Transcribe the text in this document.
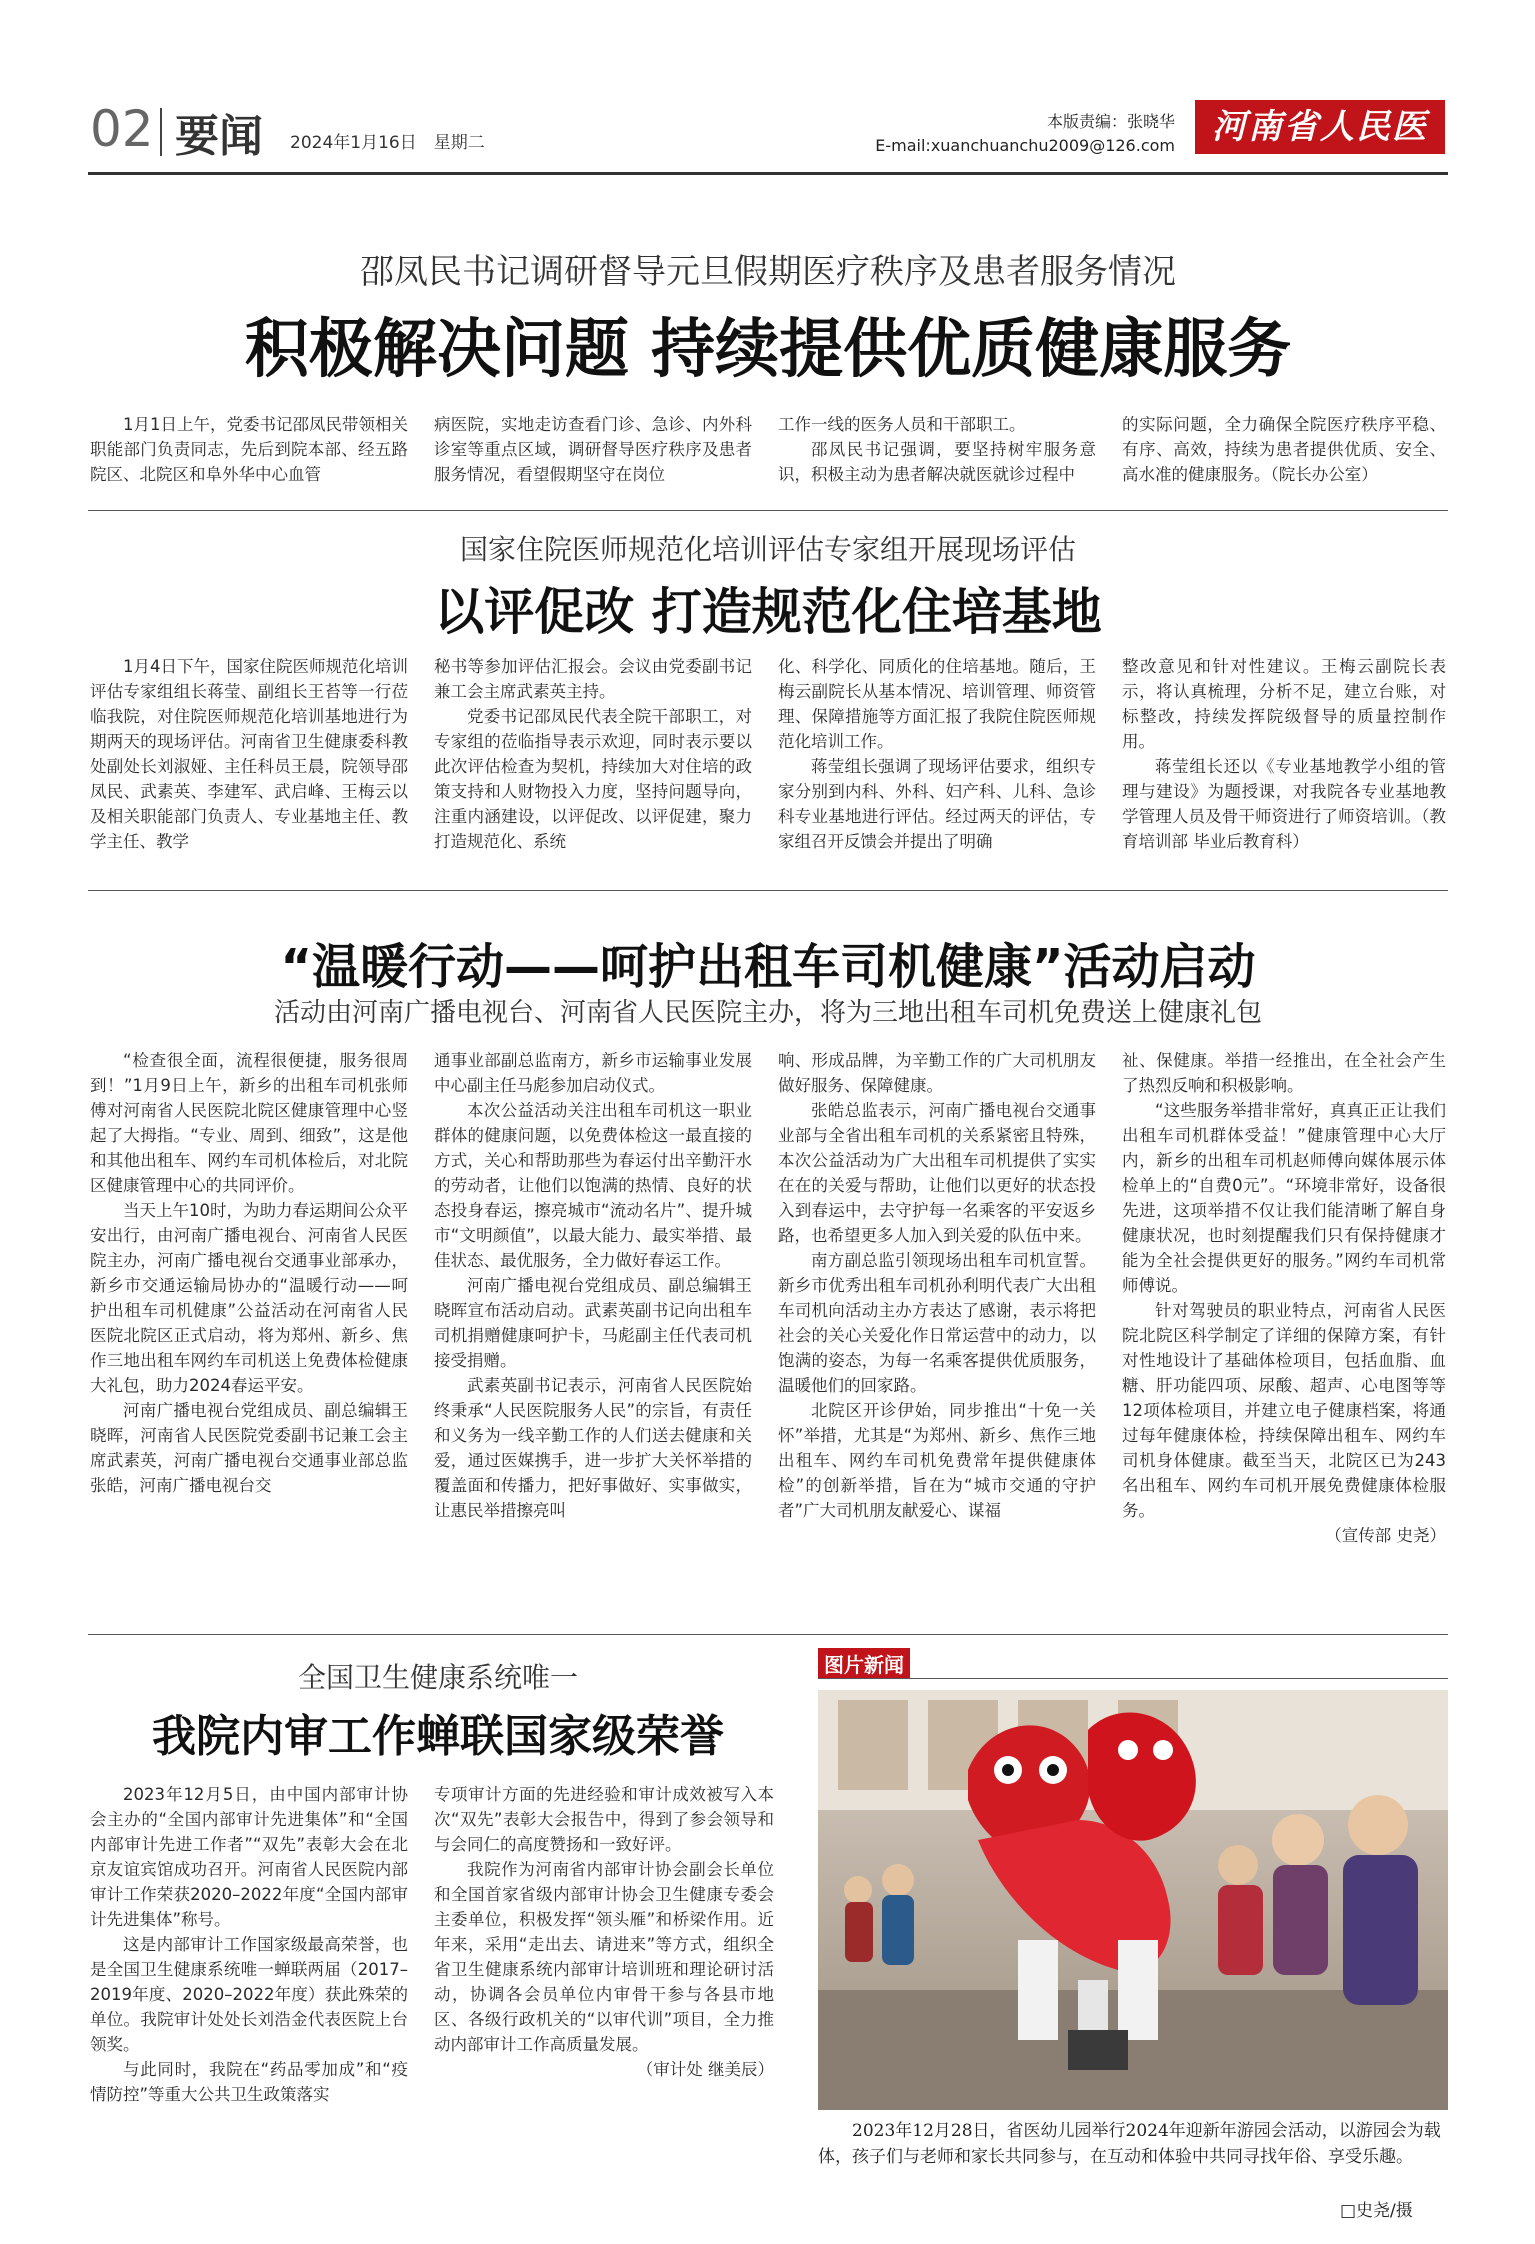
02 要闻 2024年1月16日　星期二
本版责编：张晓华
E-mail:xuanchuanchu2009@126.com	河南省人民医院
邵凤民书记调研督导元旦假期医疗秩序及患者服务情况
积极解决问题 持续提供优质健康服务

1月1日上午，党委书记邵凤民带领相关职能部门负责同志，先后到院本部、经五路院区、北院区和阜外华中心血管

病医院，实地走访查看门诊、急诊、内外科诊室等重点区域，调研督导医疗秩序及患者服务情况，看望假期坚守在岗位

工作一线的医务人员和干部职工。

邵凤民书记强调，要坚持树牢服务意识，积极主动为患者解决就医就诊过程中

的实际问题，全力确保全院医疗秩序平稳、有序、高效，持续为患者提供优质、安全、高水准的健康服务。（院长办公室）

国家住院医师规范化培训评估专家组开展现场评估
以评促改 打造规范化住培基地

1月4日下午，国家住院医师规范化培训评估专家组组长蒋莹、副组长王苔等一行莅临我院，对住院医师规范化培训基地进行为期两天的现场评估。河南省卫生健康委科教处副处长刘淑娅、主任科员王晨，院领导邵凤民、武素英、李建军、武启峰、王梅云以及相关职能部门负责人、专业基地主任、教学主任、教学

秘书等参加评估汇报会。会议由党委副书记兼工会主席武素英主持。

党委书记邵凤民代表全院干部职工，对专家组的莅临指导表示欢迎，同时表示要以此次评估检查为契机，持续加大对住培的政策支持和人财物投入力度，坚持问题导向，注重内涵建设，以评促改、以评促建，聚力打造规范化、系统

化、科学化、同质化的住培基地。随后，王梅云副院长从基本情况、培训管理、师资管理、保障措施等方面汇报了我院住院医师规范化培训工作。

蒋莹组长强调了现场评估要求，组织专家分别到内科、外科、妇产科、儿科、急诊科专业基地进行评估。经过两天的评估，专家组召开反馈会并提出了明确

整改意见和针对性建议。王梅云副院长表示，将认真梳理，分析不足，建立台账，对标整改，持续发挥院级督导的质量控制作用。

蒋莹组长还以《专业基地教学小组的管理与建设》为题授课，对我院各专业基地教学管理人员及骨干师资进行了师资培训。（教育培训部 毕业后教育科）

“温暖行动——呵护出租车司机健康”活动启动
活动由河南广播电视台、河南省人民医院主办，将为三地出租车司机免费送上健康礼包

“检查很全面，流程很便捷，服务很周到！”1月9日上午，新乡的出租车司机张师傅对河南省人民医院北院区健康管理中心竖起了大拇指。“专业、周到、细致”，这是他和其他出租车、网约车司机体检后，对北院区健康管理中心的共同评价。

当天上午10时，为助力春运期间公众平安出行，由河南广播电视台、河南省人民医院主办，河南广播电视台交通事业部承办，新乡市交通运输局协办的“温暖行动——呵护出租车司机健康”公益活动在河南省人民医院北院区正式启动，将为郑州、新乡、焦作三地出租车网约车司机送上免费体检健康大礼包，助力2024春运平安。

河南广播电视台党组成员、副总编辑王晓晖，河南省人民医院党委副书记兼工会主席武素英，河南广播电视台交通事业部总监张皓，河南广播电视台交

通事业部副总监南方，新乡市运输事业发展中心副主任马彪参加启动仪式。

本次公益活动关注出租车司机这一职业群体的健康问题，以免费体检这一最直接的方式，关心和帮助那些为春运付出辛勤汗水的劳动者，让他们以饱满的热情、良好的状态投身春运，擦亮城市“流动名片”、提升城市“文明颜值”，以最大能力、最实举措、最佳状态、最优服务，全力做好春运工作。

河南广播电视台党组成员、副总编辑王晓晖宣布活动启动。武素英副书记向出租车司机捐赠健康呵护卡，马彪副主任代表司机接受捐赠。

武素英副书记表示，河南省人民医院始终秉承“人民医院服务人民”的宗旨，有责任和义务为一线辛勤工作的人们送去健康和关爱，通过医媒携手，进一步扩大关怀举措的覆盖面和传播力，把好事做好、实事做实，让惠民举措擦亮叫

响、形成品牌，为辛勤工作的广大司机朋友做好服务、保障健康。

张皓总监表示，河南广播电视台交通事业部与全省出租车司机的关系紧密且特殊，本次公益活动为广大出租车司机提供了实实在在的关爱与帮助，让他们以更好的状态投入到春运中，去守护每一名乘客的平安返乡路，也希望更多人加入到关爱的队伍中来。

南方副总监引领现场出租车司机宣誓。新乡市优秀出租车司机孙利明代表广大出租车司机向活动主办方表达了感谢，表示将把社会的关心关爱化作日常运营中的动力，以饱满的姿态，为每一名乘客提供优质服务，温暖他们的回家路。

北院区开诊伊始，同步推出“十免一关怀”举措，尤其是“为郑州、新乡、焦作三地出租车、网约车司机免费常年提供健康体检”的创新举措，旨在为“城市交通的守护者”广大司机朋友献爱心、谋福

祉、保健康。举措一经推出，在全社会产生了热烈反响和积极影响。

“这些服务举措非常好，真真正正让我们出租车司机群体受益！”健康管理中心大厅内，新乡的出租车司机赵师傅向媒体展示体检单上的“自费0元”。“环境非常好，设备很先进，这项举措不仅让我们能清晰了解自身健康状况，也时刻提醒我们只有保持健康才能为全社会提供更好的服务。”网约车司机常师傅说。

针对驾驶员的职业特点，河南省人民医院北院区科学制定了详细的保障方案，有针对性地设计了基础体检项目，包括血脂、血糖、肝功能四项、尿酸、超声、心电图等等12项体检项目，并建立电子健康档案，将通过每年健康体检，持续保障出租车、网约车司机身体健康。截至当天，北院区已为243名出租车、网约车司机开展免费健康体检服务。

（宣传部 史尧）

全国卫生健康系统唯一
我院内审工作蝉联国家级荣誉

2023年12月5日，由中国内部审计协会主办的“全国内部审计先进集体”和“全国内部审计先进工作者”“双先”表彰大会在北京友谊宾馆成功召开。河南省人民医院内部审计工作荣获2020–2022年度“全国内部审计先进集体”称号。

这是内部审计工作国家级最高荣誉，也是全国卫生健康系统唯一蝉联两届（2017–2019年度、2020–2022年度）获此殊荣的单位。我院审计处处长刘浩金代表医院上台领奖。

与此同时，我院在“药品零加成”和“疫情防控”等重大公共卫生政策落实

专项审计方面的先进经验和审计成效被写入本次“双先”表彰大会报告中，得到了参会领导和与会同仁的高度赞扬和一致好评。

我院作为河南省内部审计协会副会长单位和全国首家省级内部审计协会卫生健康专委会主委单位，积极发挥“领头雁”和桥梁作用。近年来，采用“走出去、请进来”等方式，组织全省卫生健康系统内部审计培训班和理论研讨活动，协调各会员单位内审骨干参与各县市地区、各级行政机关的“以审代训”项目，全力推动内部审计工作高质量发展。

（审计处 继美辰）

图片新闻
2023年12月28日，省医幼儿园举行2024年迎新年游园会活动，以游园会为载体，孩子们与老师和家长共同参与，在互动和体验中共同寻找年俗、享受乐趣。
□史尧/摄
